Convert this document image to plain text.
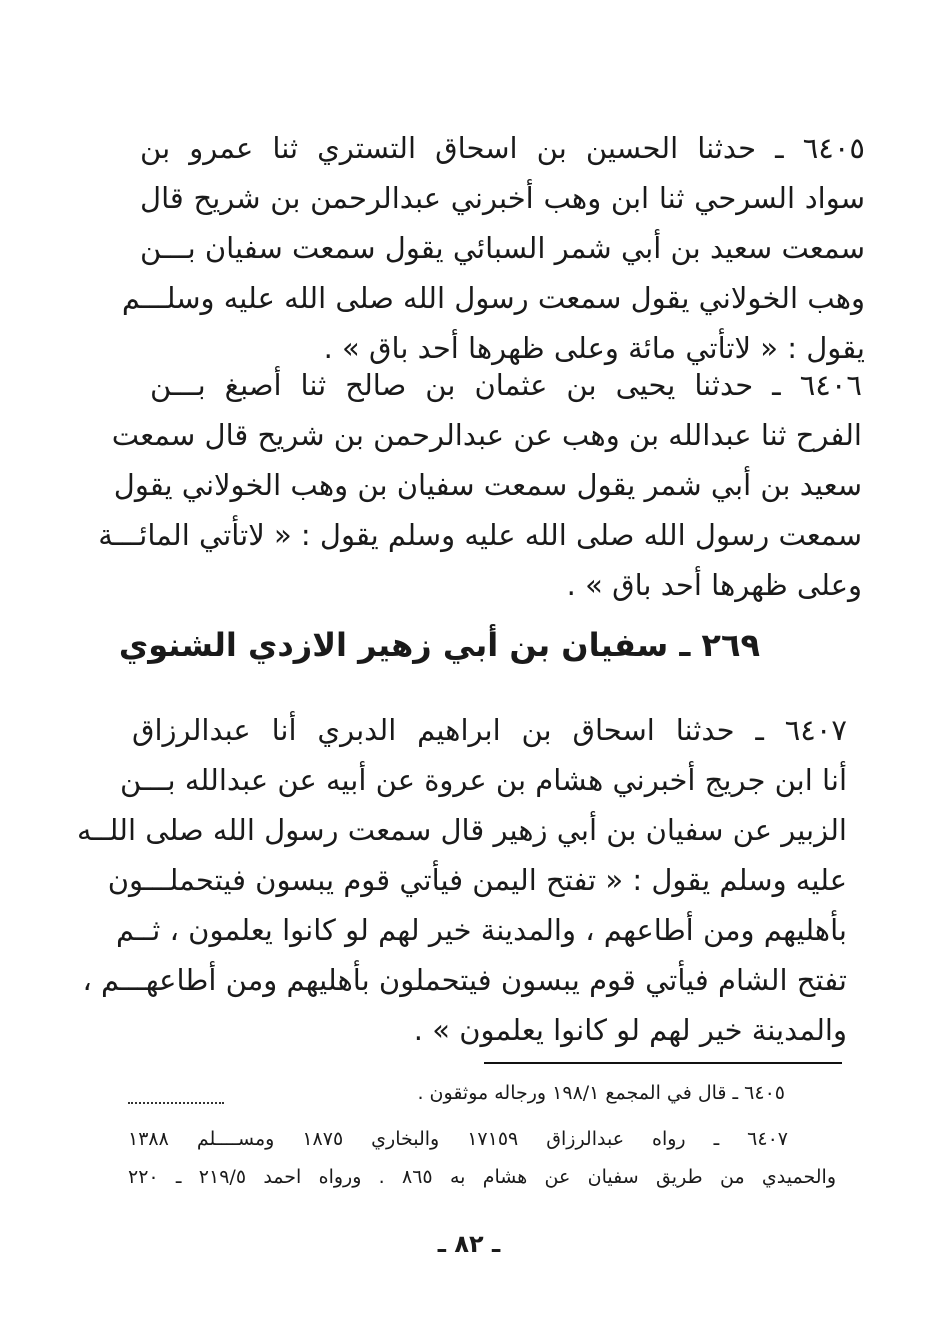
٦٤٠٥ ـ حدثنا الحسين بن اسحاق التستري ثنا عمرو بن
سواد السرحي ثنا ابن وهب أخبرني عبدالرحمن بن شريح قال
سمعت سعيد بن أبي شمر السبائي يقول سمعت سفيان بـــن
وهب الخولاني يقول سمعت رسول الله صلى الله عليه وسلـــم
يقول : « لاتأتي مائة وعلى ظهرها أحد باق » .
٦٤٠٦ ـ حدثنا يحيى بن عثمان بن صالح ثنا أصبغ بـــن
الفرح ثنا عبدالله بن وهب عن عبدالرحمن بن شريح قال سمعت
سعيد بن أبي شمر يقول سمعت سفيان بن وهب الخولاني يقول
سمعت رسول الله صلى الله عليه وسلم يقول : « لاتأتي المائـــة
وعلى ظهرها أحد باق » .
٢٦٩ ـ سفيان بن أبي زهير الازدي الشنوي
٦٤٠٧ ـ حدثنا اسحاق بن ابراهيم الدبري أنا عبدالرزاق
أنا ابن جريج أخبرني هشام بن عروة عن أبيه عن عبدالله بـــن
الزبير عن سفيان بن أبي زهير قال سمعت رسول الله صلى اللــه
عليه وسلم يقول : « تفتح اليمن فيأتي قوم يبسون فيتحملـــون
بأهليهم ومن أطاعهم ، والمدينة خير لهم لو كانوا يعلمون ، ثــم
تفتح الشام فيأتي قوم يبسون فيتحملون بأهليهم ومن أطاعهـــم ،
والمدينة خير لهم لو كانوا يعلمون » .
٦٤٠٥ ـ قال في المجمع ١٩٨/١ ورجاله موثقون .
٦٤٠٧ ـ رواه عبدالرزاق ١٧١٥٩ والبخاري ١٨٧٥ ومســــلم ١٣٨٨
والحميدي من طريق سفيان عن هشام به ٨٦٥ . ورواه احمد ٢١٩/٥ ـ ٢٢٠
ـ ٨٢ ـ
